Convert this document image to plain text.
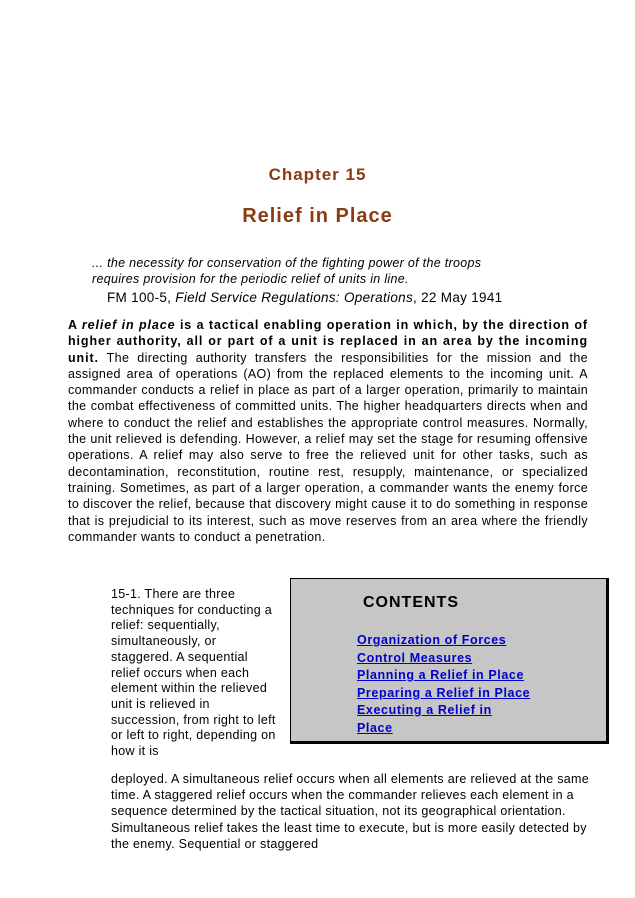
Chapter 15
Relief in Place
... the necessity for conservation of the fighting power of the troops
requires provision for the periodic relief of units in line.
FM 100-5, Field Service Regulations: Operations, 22 May 1941
A relief in place is a tactical enabling operation in which, by the direction of higher authority, all or part of a unit is replaced in an area by the incoming unit. The directing authority transfers the responsibilities for the mission and the assigned area of operations (AO) from the replaced elements to the incoming unit. A commander conducts a relief in place as part of a larger operation, primarily to maintain the combat effectiveness of committed units. The higher headquarters directs when and where to conduct the relief and establishes the appropriate control measures. Normally, the unit relieved is defending. However, a relief may set the stage for resuming offensive operations. A relief may also serve to free the relieved unit for other tasks, such as decontamination, reconstitution, routine rest, resupply, maintenance, or specialized training. Sometimes, as part of a larger operation, a commander wants the enemy force to discover the relief, because that discovery might cause it to do something in response that is prejudicial to its interest, such as move reserves from an area where the friendly commander wants to conduct a penetration.
15-1. There are three techniques for conducting a relief: sequentially, simultaneously, or staggered. A sequential relief occurs when each element within the relieved unit is relieved in succession, from right to left or left to right, depending on how it is
deployed. A simultaneous relief occurs when all elements are relieved at the same time. A staggered relief occurs when the commander relieves each element in a sequence determined by the tactical situation, not its geographical orientation. Simultaneous relief takes the least time to execute, but is more easily detected by the enemy. Sequential or staggered
CONTENTS
Organization of Forces
Control Measures
Planning a Relief in Place
Preparing a Relief in Place
Executing a Relief in
Place
